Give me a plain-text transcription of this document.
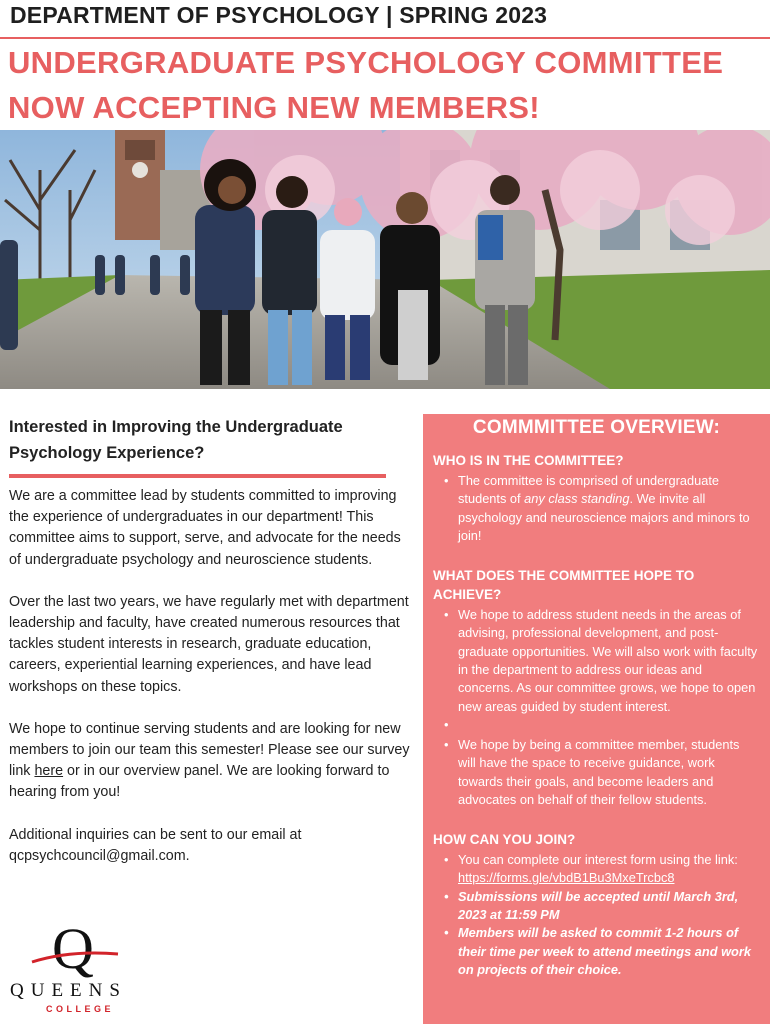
DEPARTMENT OF PSYCHOLOGY | SPRING 2023
UNDERGRADUATE PSYCHOLOGY COMMITTEE
NOW ACCEPTING NEW MEMBERS!
Interested in Improving the Undergraduate Psychology Experience?

We are a committee lead by students committed to improving the experience of undergraduates in our department! This committee aims to support, serve, and advocate for the needs of undergraduate psychology and neuroscience students.

Over the last two years, we have regularly met with department leadership and faculty, have created numerous resources that tackles student interests in research, graduate education, careers, experiential learning experiences, and have lead workshops on these topics.

We hope to continue serving students and are looking for new members to join our team this semester! Please see our survey link here or in our overview panel. We are looking forward to hearing from you!

Additional inquiries can be sent to our email at qcpsychcouncil@gmail.com.

Q
QUEENS
COLLEGE
COMMMITTEE OVERVIEW:
WHO IS IN THE COMMITTEE?
• The committee is comprised of undergraduate students of any class standing. We invite all psychology and neuroscience majors and minors to join!
WHAT DOES THE COMMITTEE HOPE TO ACHIEVE?
• We hope to address student needs in the areas of advising, professional development, and post-graduate opportunities. We will also work with faculty in the department to address our ideas and concerns. As our committee grows, we hope to open new areas guided by student interest.
•
• We hope by being a committee member, students will have the space to receive guidance, work towards their goals, and become leaders and advocates on behalf of their fellow students.
HOW CAN YOU JOIN?
• You can complete our interest form using the link: https://forms.gle/vbdB1Bu3MxeTrcbc8
• Submissions will be accepted until March 3rd, 2023 at 11:59 PM
• Members will be asked to commit 1-2 hours of their time per week to attend meetings and work on projects of their choice.
